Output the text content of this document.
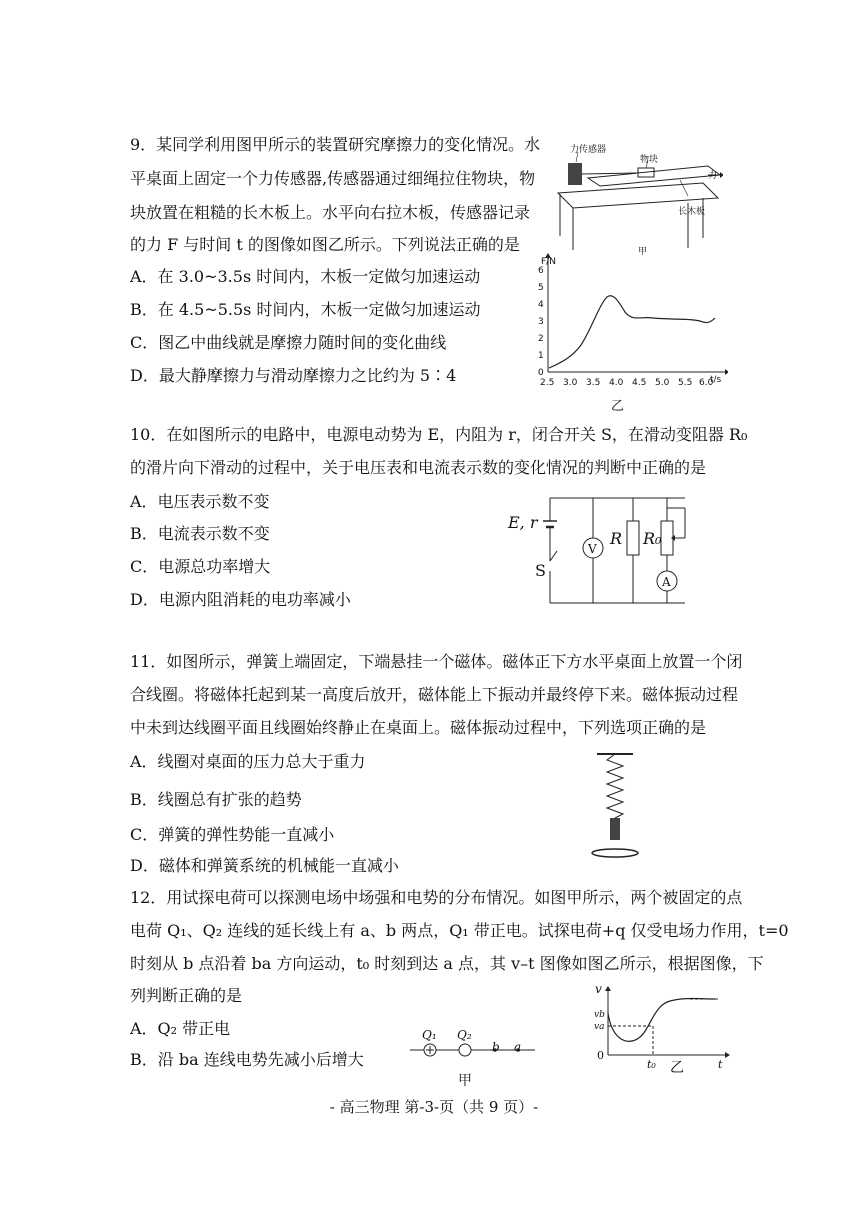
9．某同学利用图甲所示的装置研究摩擦力的变化情况。水
平桌面上固定一个力传感器,传感器通过细绳拉住物块，物
块放置在粗糙的长木板上。水平向右拉木板，传感器记录
的力 F 与时间 t 的图像如图乙所示。下列说法正确的是
A．在 3.0~3.5s 时间内，木板一定做匀加速运动
B．在 4.5~5.5s 时间内，木板一定做匀加速运动
C．图乙中曲线就是摩擦力随时间的变化曲线
D．最大静摩擦力与滑动摩擦力之比约为 5∶4
力传感器
物块
力
长木板
甲
F/N
t/s
0
1
2
3
4
5
6
2.5 3.0 3.5 4.0 4.5 5.0 5.5 6.0
乙
10．在如图所示的电路中，电源电动势为 E，内阻为 r，闭合开关 S，在滑动变阻器 R₀
的滑片向下滑动的过程中，关于电压表和电流表示数的变化情况的判断中正确的是
A．电压表示数不变
B．电流表示数不变
C．电源总功率增大
D．电源内阻消耗的电功率减小
E, r
S
V
R R₀
A
11．如图所示，弹簧上端固定，下端悬挂一个磁体。磁体正下方水平桌面上放置一个闭
合线圈。将磁体托起到某一高度后放开，磁体能上下振动并最终停下来。磁体振动过程
中未到达线圈平面且线圈始终静止在桌面上。磁体振动过程中，下列选项正确的是
A．线圈对桌面的压力总大于重力
B．线圈总有扩张的趋势
C．弹簧的弹性势能一直减小
D．磁体和弹簧系统的机械能一直减小
12．用试探电荷可以探测电场中场强和电势的分布情况。如图甲所示，两个被固定的点
电荷 Q₁、Q₂ 连线的延长线上有 a、b 两点，Q₁ 带正电。试探电荷+q 仅受电场力作用，t=0
时刻从 b 点沿着 ba 方向运动，t₀ 时刻到达 a 点，其 v–t 图像如图乙所示，根据图像，下
列判断正确的是
A．Q₂ 带正电
B．沿 ba 连线电势先减小后增大
Q₁ Q₂
b a
甲
v
vb
va
0
t₀	t
乙
- 高三物理 第-3-页（共 9 页）-
